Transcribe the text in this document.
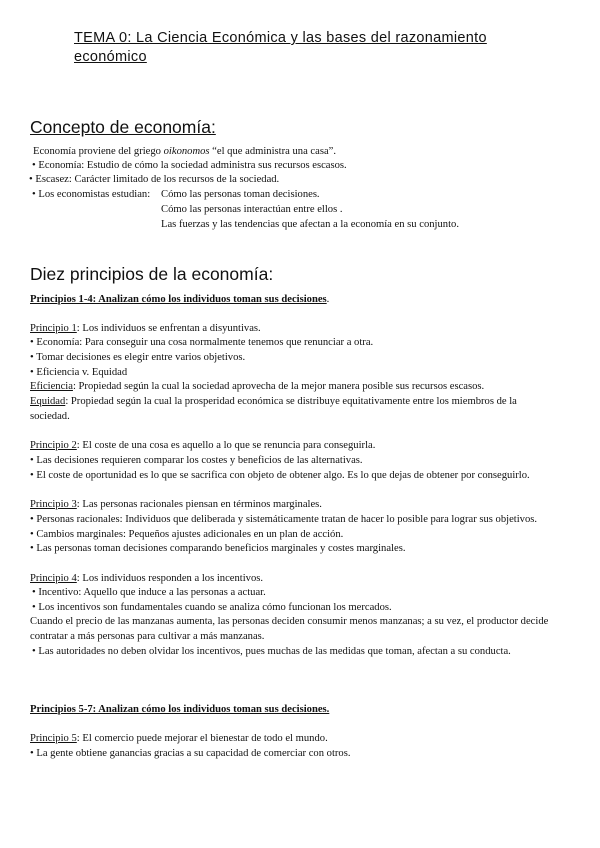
TEMA 0: La Ciencia Económica y las bases del razonamiento
económico
Concepto de economía:
Economía proviene del griego oikonomos “el que administra una casa”.
• Economía: Estudio de cómo la sociedad administra sus recursos escasos.
• Escasez: Carácter limitado de los recursos de la sociedad.
• Los economistas estudian: Cómo las personas toman decisiones.
Cómo las personas interactúan entre ellos .
Las fuerzas y las tendencias que afectan a la economía en su conjunto.
Diez principios de la economía:
Principios 1-4: Analizan cómo los individuos toman sus decisiones.
Principio 1: Los individuos se enfrentan a disyuntivas.
• Economía: Para conseguir una cosa normalmente tenemos que renunciar a otra.
• Tomar decisiones es elegir entre varios objetivos.
• Eficiencia v. Equidad
Eficiencia: Propiedad según la cual la sociedad aprovecha de la mejor manera posible sus recursos escasos.
Equidad: Propiedad según la cual la prosperidad económica se distribuye equitativamente entre los miembros de la
sociedad.
Principio 2: El coste de una cosa es aquello a lo que se renuncia para conseguirla.
• Las decisiones requieren comparar los costes y beneficios de las alternativas.
• El coste de oportunidad es lo que se sacrifica con objeto de obtener algo. Es lo que dejas de obtener por conseguirlo.
Principio 3: Las personas racionales piensan en términos marginales.
• Personas racionales: Individuos que deliberada y sistemáticamente tratan de hacer lo posible para lograr sus objetivos.
• Cambios marginales: Pequeños ajustes adicionales en un plan de acción.
• Las personas toman decisiones comparando beneficios marginales y costes marginales.
Principio 4: Los individuos responden a los incentivos.
• Incentivo: Aquello que induce a las personas a actuar.
• Los incentivos son fundamentales cuando se analiza cómo funcionan los mercados.
Cuando el precio de las manzanas aumenta, las personas deciden consumir menos manzanas; a su vez, el productor decide
contratar a más personas para cultivar a más manzanas.
• Las autoridades no deben olvidar los incentivos, pues muchas de las medidas que toman, afectan a su conducta.
Principios 5-7: Analizan cómo los individuos toman sus decisiones.
Principio 5: El comercio puede mejorar el bienestar de todo el mundo.
• La gente obtiene ganancias gracias a su capacidad de comerciar con otros.
